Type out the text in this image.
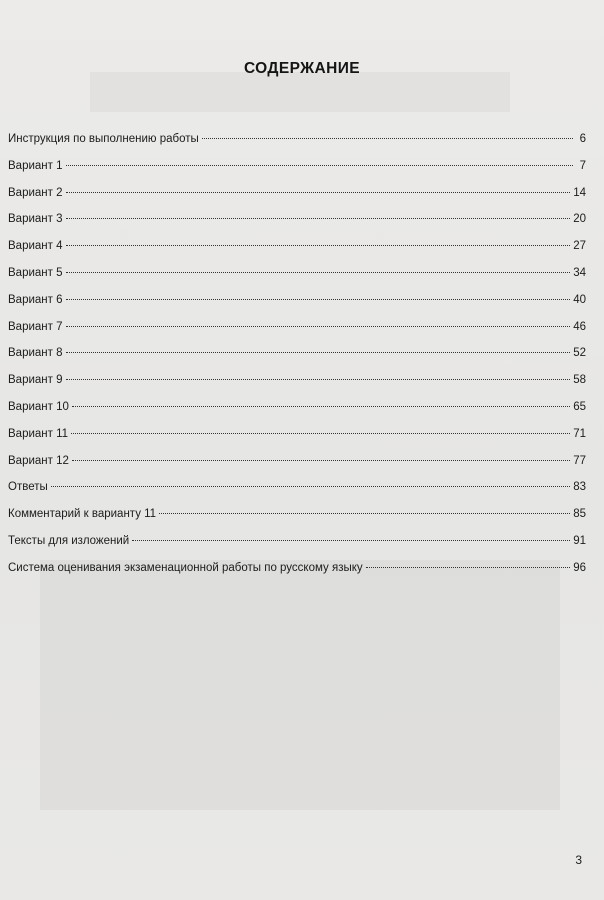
СОДЕРЖАНИЕ
Инструкция по выполнению работы	6
Вариант 1	7
Вариант 2	14
Вариант 3	20
Вариант 4	27
Вариант 5	34
Вариант 6	40
Вариант 7	46
Вариант 8	52
Вариант 9	58
Вариант 10	65
Вариант 11	71
Вариант 12	77
Ответы	83
Комментарий к варианту 11	85
Тексты для изложений	91
Система оценивания экзаменационной работы по русскому языку	96
3
